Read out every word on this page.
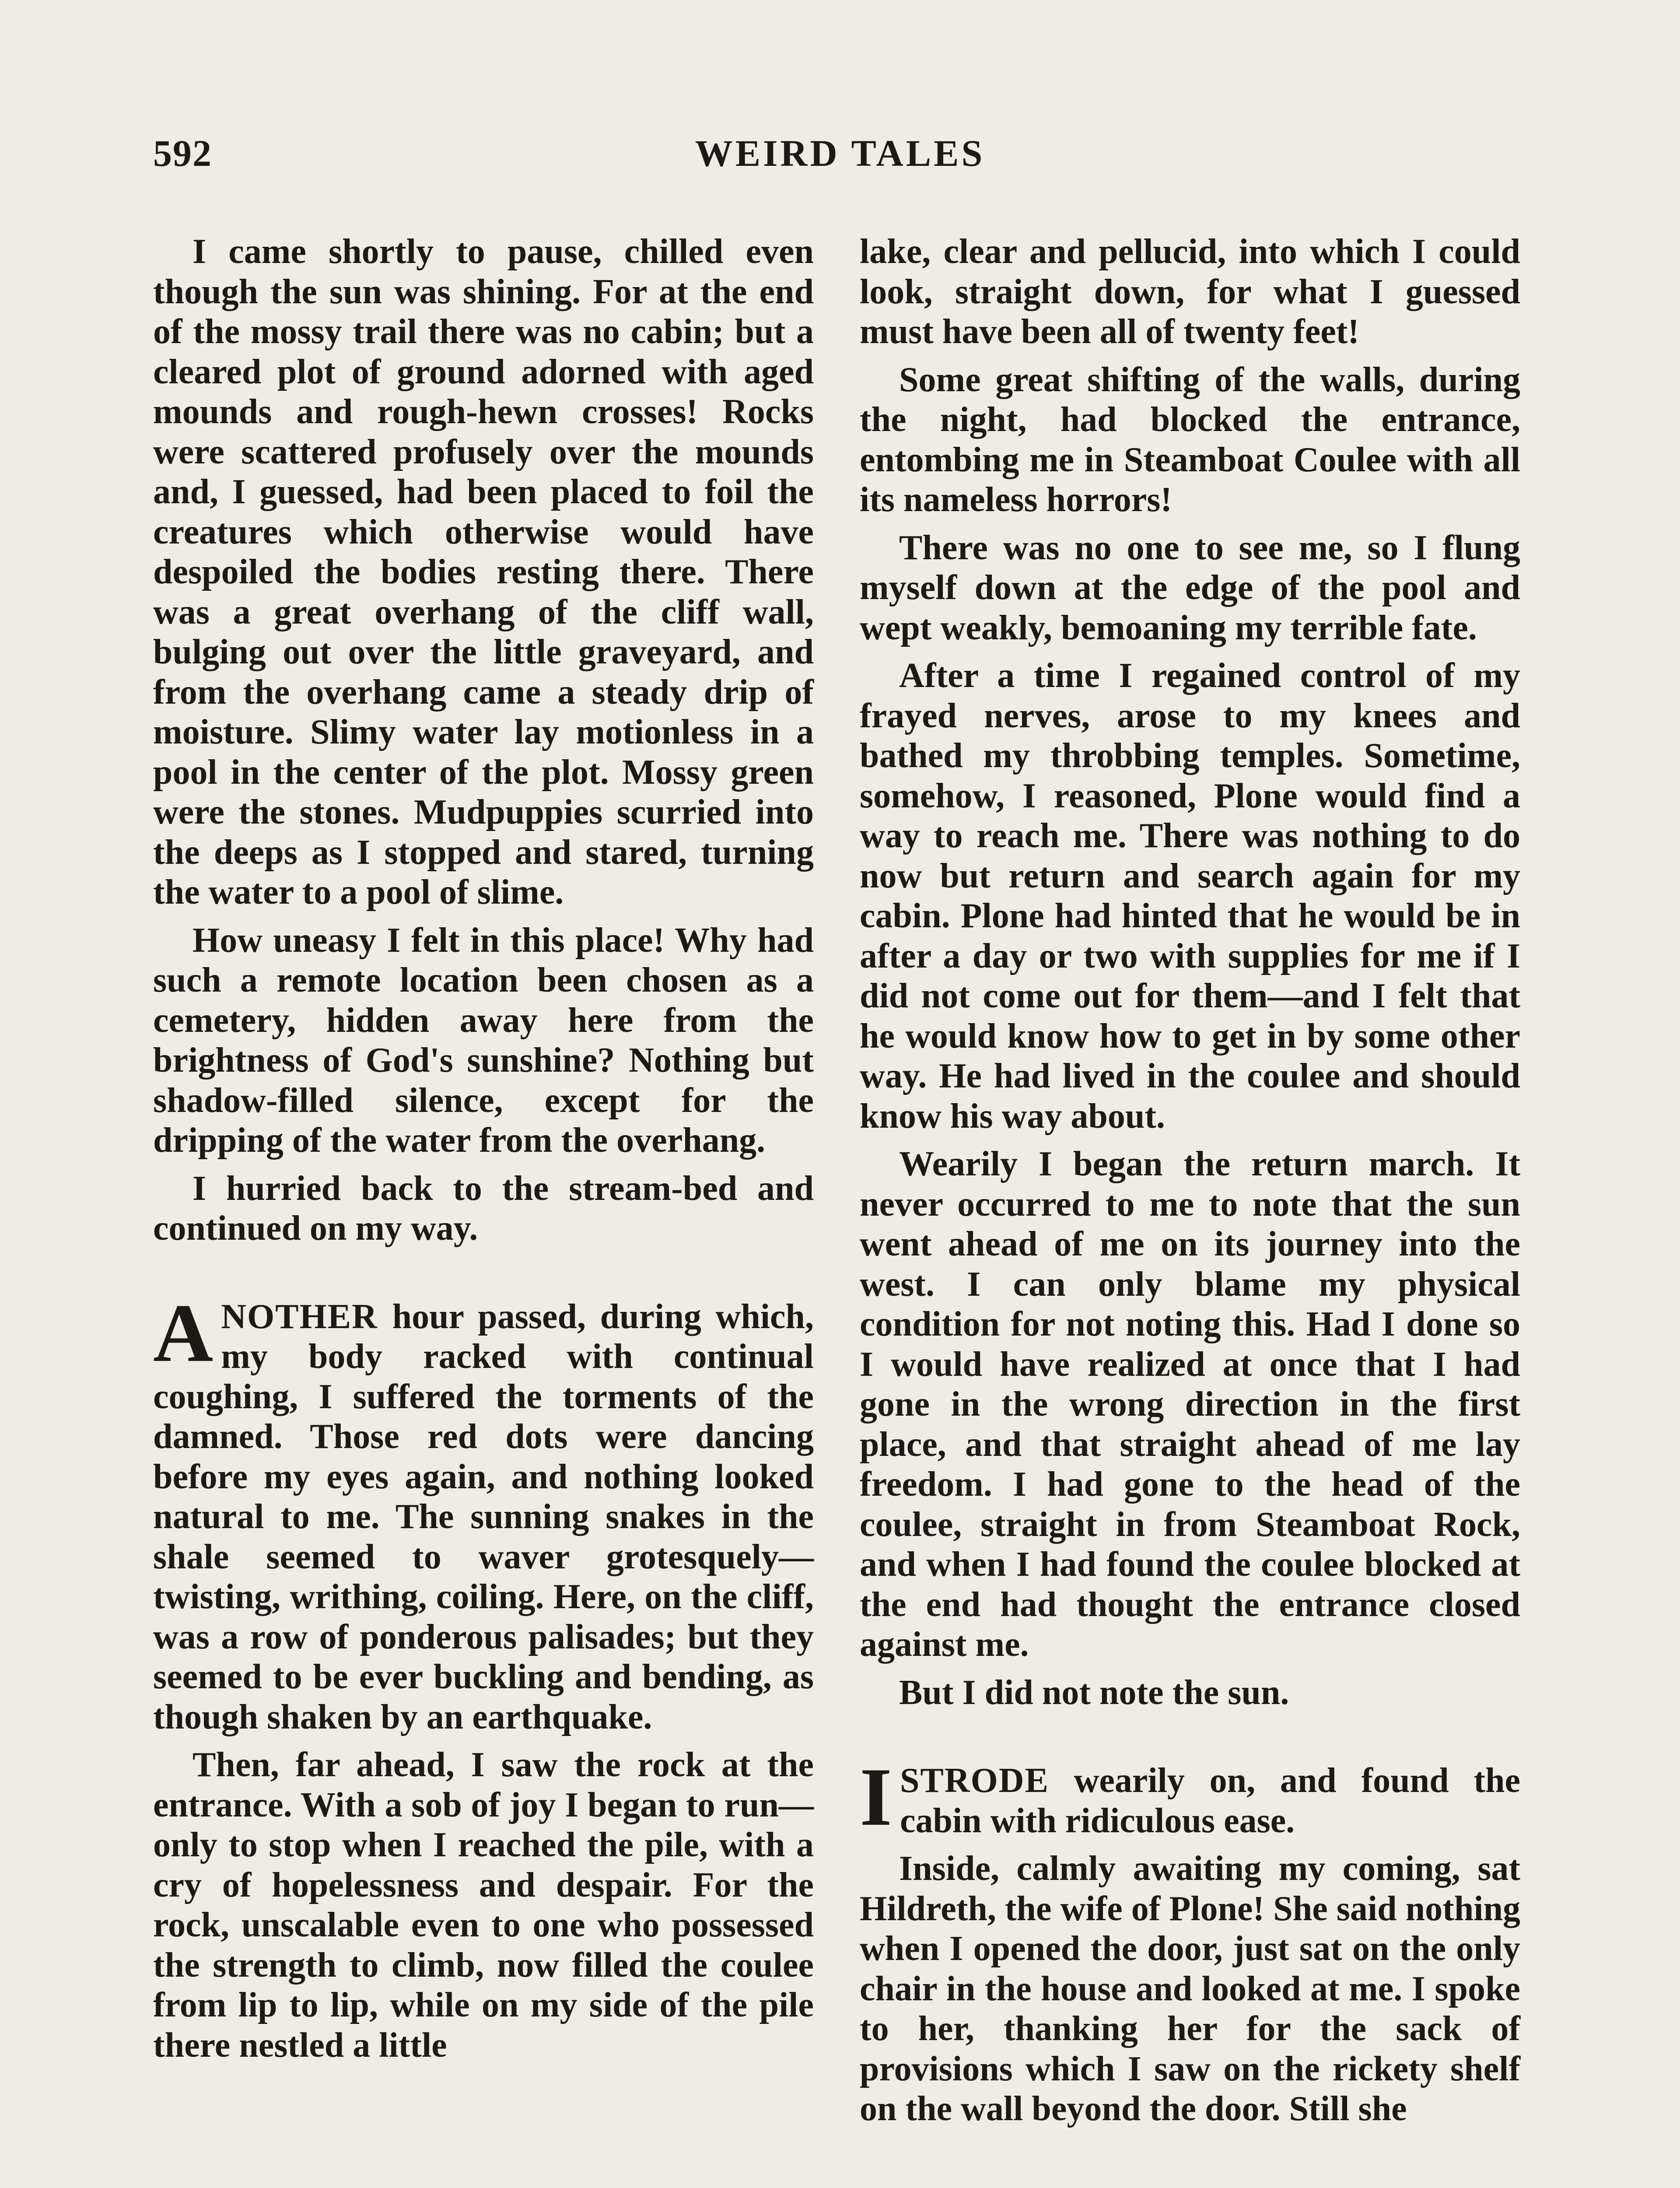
592	WEIRD TALES

I came shortly to pause, chilled even though the sun was shining. For at the end of the mossy trail there was no cabin; but a cleared plot of ground adorned with aged mounds and rough-hewn crosses! Rocks were scattered profusely over the mounds and, I guessed, had been placed to foil the creatures which otherwise would have despoiled the bodies resting there. There was a great overhang of the cliff wall, bulging out over the little graveyard, and from the overhang came a steady drip of moisture. Slimy water lay motionless in a pool in the center of the plot. Mossy green were the stones. Mudpuppies scurried into the deeps as I stopped and stared, turning the water to a pool of slime.

How uneasy I felt in this place! Why had such a remote location been chosen as a cemetery, hidden away here from the brightness of God's sunshine? Nothing but shadow-filled silence, except for the dripping of the water from the overhang.

I hurried back to the stream-bed and continued on my way.

ANOTHER hour passed, during which, my body racked with continual coughing, I suffered the torments of the damned. Those red dots were dancing before my eyes again, and nothing looked natural to me. The sunning snakes in the shale seemed to waver grotesquely—twisting, writhing, coiling. Here, on the cliff, was a row of ponderous palisades; but they seemed to be ever buckling and bending, as though shaken by an earthquake.

Then, far ahead, I saw the rock at the entrance. With a sob of joy I began to run—only to stop when I reached the pile, with a cry of hopelessness and despair. For the rock, unscalable even to one who possessed the strength to climb, now filled the coulee from lip to lip, while on my side of the pile there nestled a little

lake, clear and pellucid, into which I could look, straight down, for what I guessed must have been all of twenty feet!

Some great shifting of the walls, during the night, had blocked the entrance, entombing me in Steamboat Coulee with all its nameless horrors!

There was no one to see me, so I flung myself down at the edge of the pool and wept weakly, bemoaning my terrible fate.

After a time I regained control of my frayed nerves, arose to my knees and bathed my throbbing temples. Sometime, somehow, I reasoned, Plone would find a way to reach me. There was nothing to do now but return and search again for my cabin. Plone had hinted that he would be in after a day or two with supplies for me if I did not come out for them—and I felt that he would know how to get in by some other way. He had lived in the coulee and should know his way about.

Wearily I began the return march. It never occurred to me to note that the sun went ahead of me on its journey into the west. I can only blame my physical condition for not noting this. Had I done so I would have realized at once that I had gone in the wrong direction in the first place, and that straight ahead of me lay freedom. I had gone to the head of the coulee, straight in from Steamboat Rock, and when I had found the coulee blocked at the end had thought the entrance closed against me.

But I did not note the sun.

ISTRODE wearily on, and found the cabin with ridiculous ease.

Inside, calmly awaiting my coming, sat Hildreth, the wife of Plone! She said nothing when I opened the door, just sat on the only chair in the house and looked at me. I spoke to her, thanking her for the sack of provisions which I saw on the rickety shelf on the wall beyond the door. Still she
